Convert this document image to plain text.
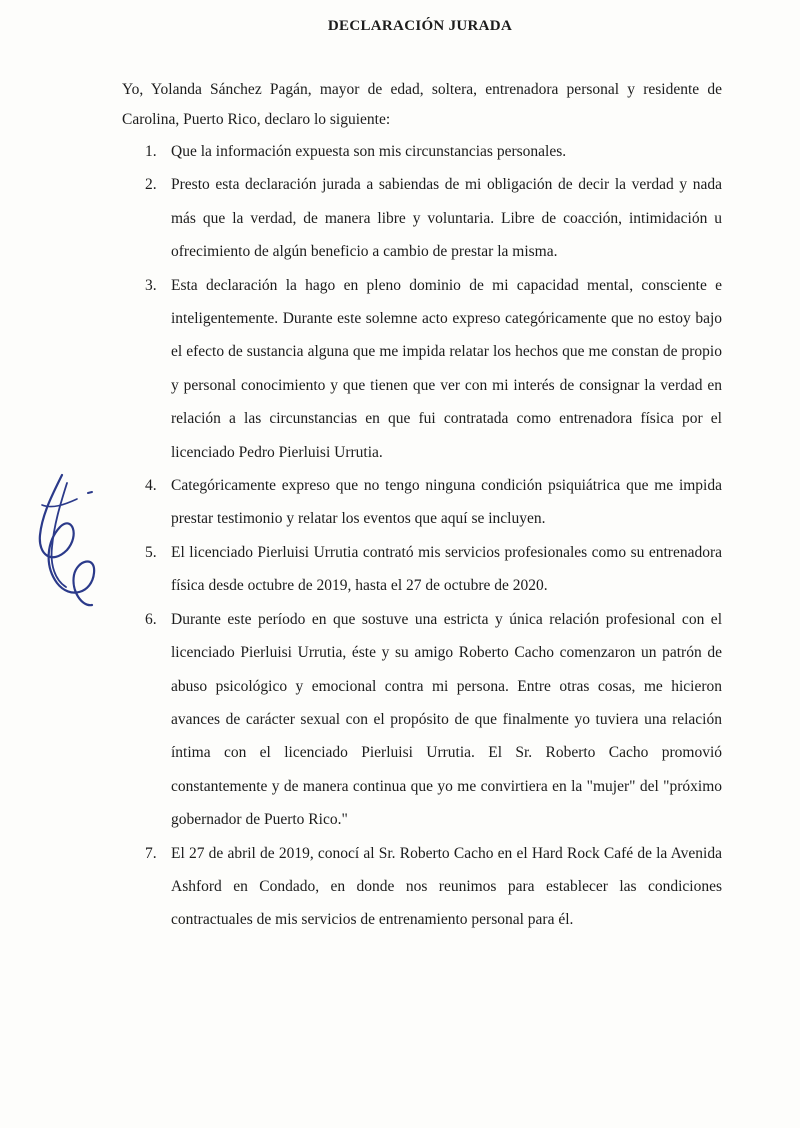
DECLARACIÓN JURADA
Yo, Yolanda Sánchez Pagán, mayor de edad, soltera, entrenadora personal y residente de Carolina, Puerto Rico, declaro lo siguiente:
1. Que la información expuesta son mis circunstancias personales.
2. Presto esta declaración jurada a sabiendas de mi obligación de decir la verdad y nada más que la verdad, de manera libre y voluntaria. Libre de coacción, intimidación u ofrecimiento de algún beneficio a cambio de prestar la misma.
3. Esta declaración la hago en pleno dominio de mi capacidad mental, consciente e inteligentemente. Durante este solemne acto expreso categóricamente que no estoy bajo el efecto de sustancia alguna que me impida relatar los hechos que me constan de propio y personal conocimiento y que tienen que ver con mi interés de consignar la verdad en relación a las circunstancias en que fui contratada como entrenadora física por el licenciado Pedro Pierluisi Urrutia.
4. Categóricamente expreso que no tengo ninguna condición psiquiátrica que me impida prestar testimonio y relatar los eventos que aquí se incluyen.
5. El licenciado Pierluisi Urrutia contrató mis servicios profesionales como su entrenadora física desde octubre de 2019, hasta el 27 de octubre de 2020.
6. Durante este período en que sostuve una estricta y única relación profesional con el licenciado Pierluisi Urrutia, éste y su amigo Roberto Cacho comenzaron un patrón de abuso psicológico y emocional contra mi persona. Entre otras cosas, me hicieron avances de carácter sexual con el propósito de que finalmente yo tuviera una relación íntima con el licenciado Pierluisi Urrutia. El Sr. Roberto Cacho promovió constantemente y de manera continua que yo me convirtiera en la "mujer" del "próximo gobernador de Puerto Rico."
7. El 27 de abril de 2019, conocí al Sr. Roberto Cacho en el Hard Rock Café de la Avenida Ashford en Condado, en donde nos reunimos para establecer las condiciones contractuales de mis servicios de entrenamiento personal para él.
